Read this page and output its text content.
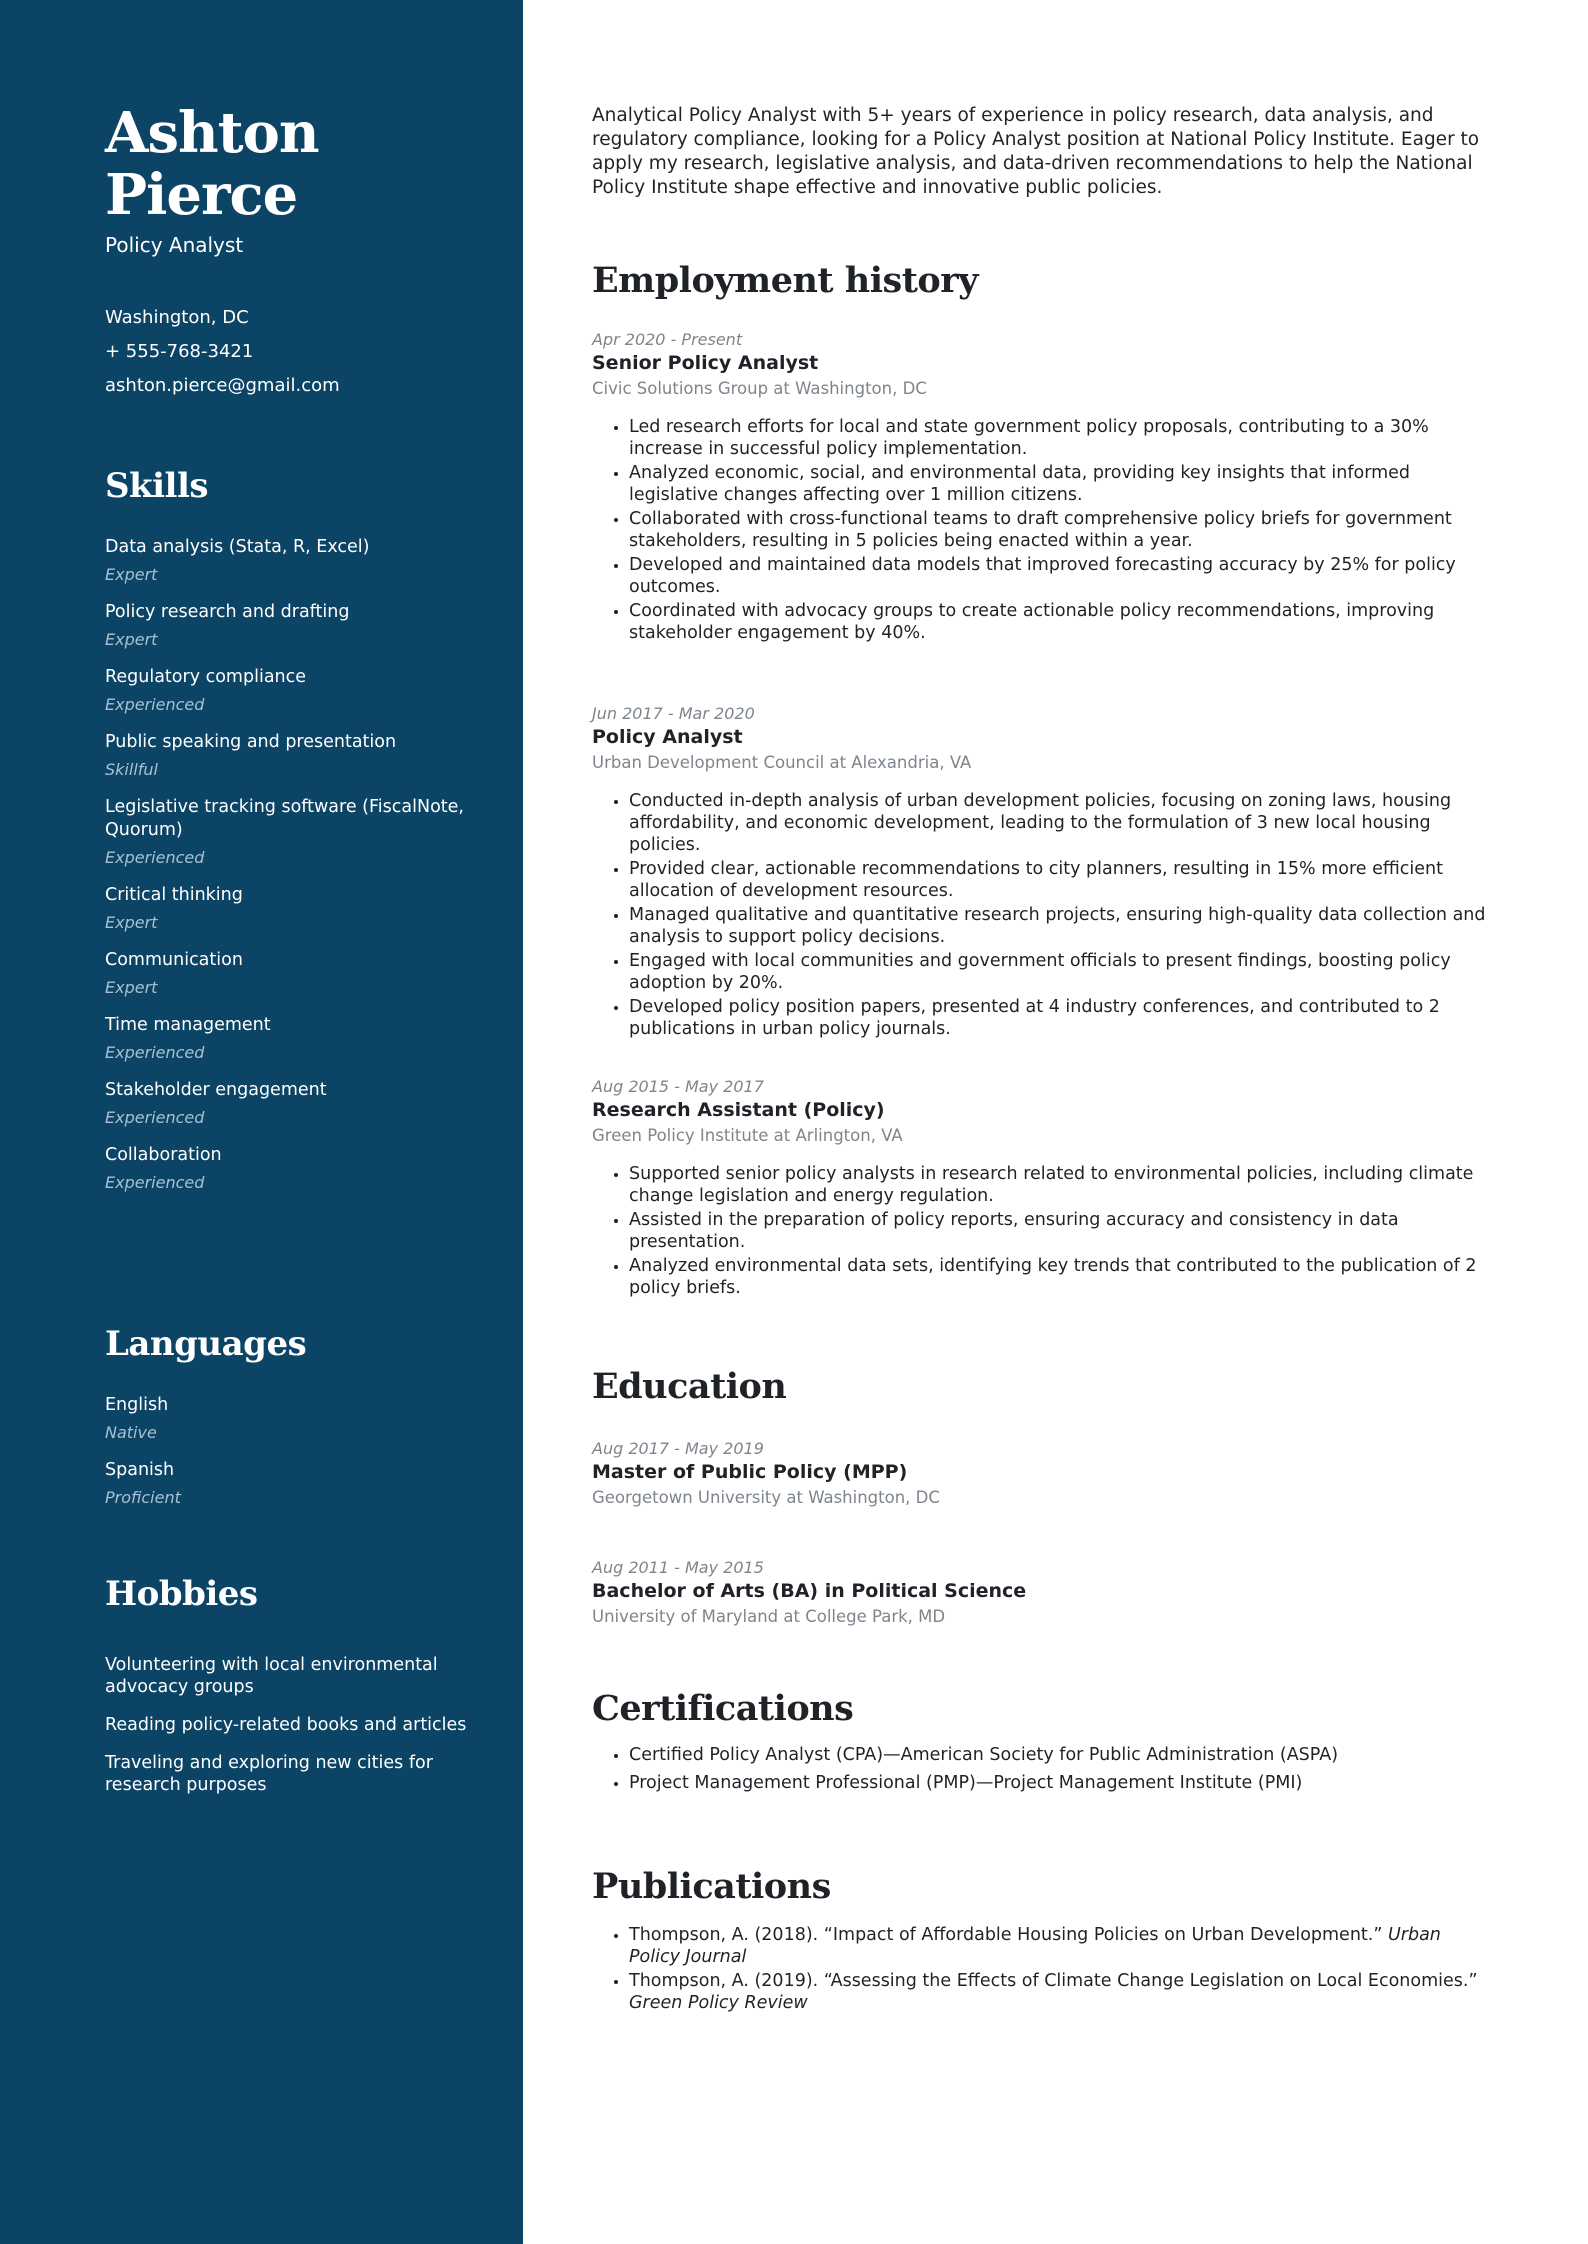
Ashton
Pierce
Policy Analyst
Washington, DC
+ 555-768-3421
ashton.pierce@gmail.com
Skills
Data analysis (Stata, R, Excel)
Expert
Policy research and drafting
Expert
Regulatory compliance
Experienced
Public speaking and presentation
Skillful
Legislative tracking software (FiscalNote, Quorum)
Experienced
Critical thinking
Expert
Communication
Expert
Time management
Experienced
Stakeholder engagement
Experienced
Collaboration
Experienced
Languages
English
Native
Spanish
Proficient
Hobbies
Volunteering with local environmental advocacy groups
Reading policy-related books and articles
Traveling and exploring new cities for research purposes

Analytical Policy Analyst with 5+ years of experience in policy research, data analysis, and regulatory compliance, looking for a Policy Analyst position at National Policy Institute. Eager to apply my research, legislative analysis, and data-driven recommendations to help the National Policy Institute shape effective and innovative public policies.

Employment history
Apr 2020 - Present
Senior Policy Analyst
Civic Solutions Group at Washington, DC
• Led research efforts for local and state government policy proposals, contributing to a 30% increase in successful policy implementation.
• Analyzed economic, social, and environmental data, providing key insights that informed legislative changes affecting over 1 million citizens.
• Collaborated with cross-functional teams to draft comprehensive policy briefs for government stakeholders, resulting in 5 policies being enacted within a year.
• Developed and maintained data models that improved forecasting accuracy by 25% for policy outcomes.
• Coordinated with advocacy groups to create actionable policy recommendations, improving stakeholder engagement by 40%.
Jun 2017 - Mar 2020
Policy Analyst
Urban Development Council at Alexandria, VA
• Conducted in-depth analysis of urban development policies, focusing on zoning laws, housing affordability, and economic development, leading to the formulation of 3 new local housing policies.
• Provided clear, actionable recommendations to city planners, resulting in 15% more efficient allocation of development resources.
• Managed qualitative and quantitative research projects, ensuring high-quality data collection and analysis to support policy decisions.
• Engaged with local communities and government officials to present findings, boosting policy adoption by 20%.
• Developed policy position papers, presented at 4 industry conferences, and contributed to 2 publications in urban policy journals.
Aug 2015 - May 2017
Research Assistant (Policy)
Green Policy Institute at Arlington, VA
• Supported senior policy analysts in research related to environmental policies, including climate change legislation and energy regulation.
• Assisted in the preparation of policy reports, ensuring accuracy and consistency in data presentation.
• Analyzed environmental data sets, identifying key trends that contributed to the publication of 2 policy briefs.
Education
Aug 2017 - May 2019
Master of Public Policy (MPP)
Georgetown University at Washington, DC
Aug 2011 - May 2015
Bachelor of Arts (BA) in Political Science
University of Maryland at College Park, MD
Certifications
• Certified Policy Analyst (CPA)—American Society for Public Administration (ASPA)
• Project Management Professional (PMP)—Project Management Institute (PMI)
Publications
• Thompson, A. (2018). “Impact of Affordable Housing Policies on Urban Development.” Urban Policy Journal
• Thompson, A. (2019). “Assessing the Effects of Climate Change Legislation on Local Economies.” Green Policy Review
